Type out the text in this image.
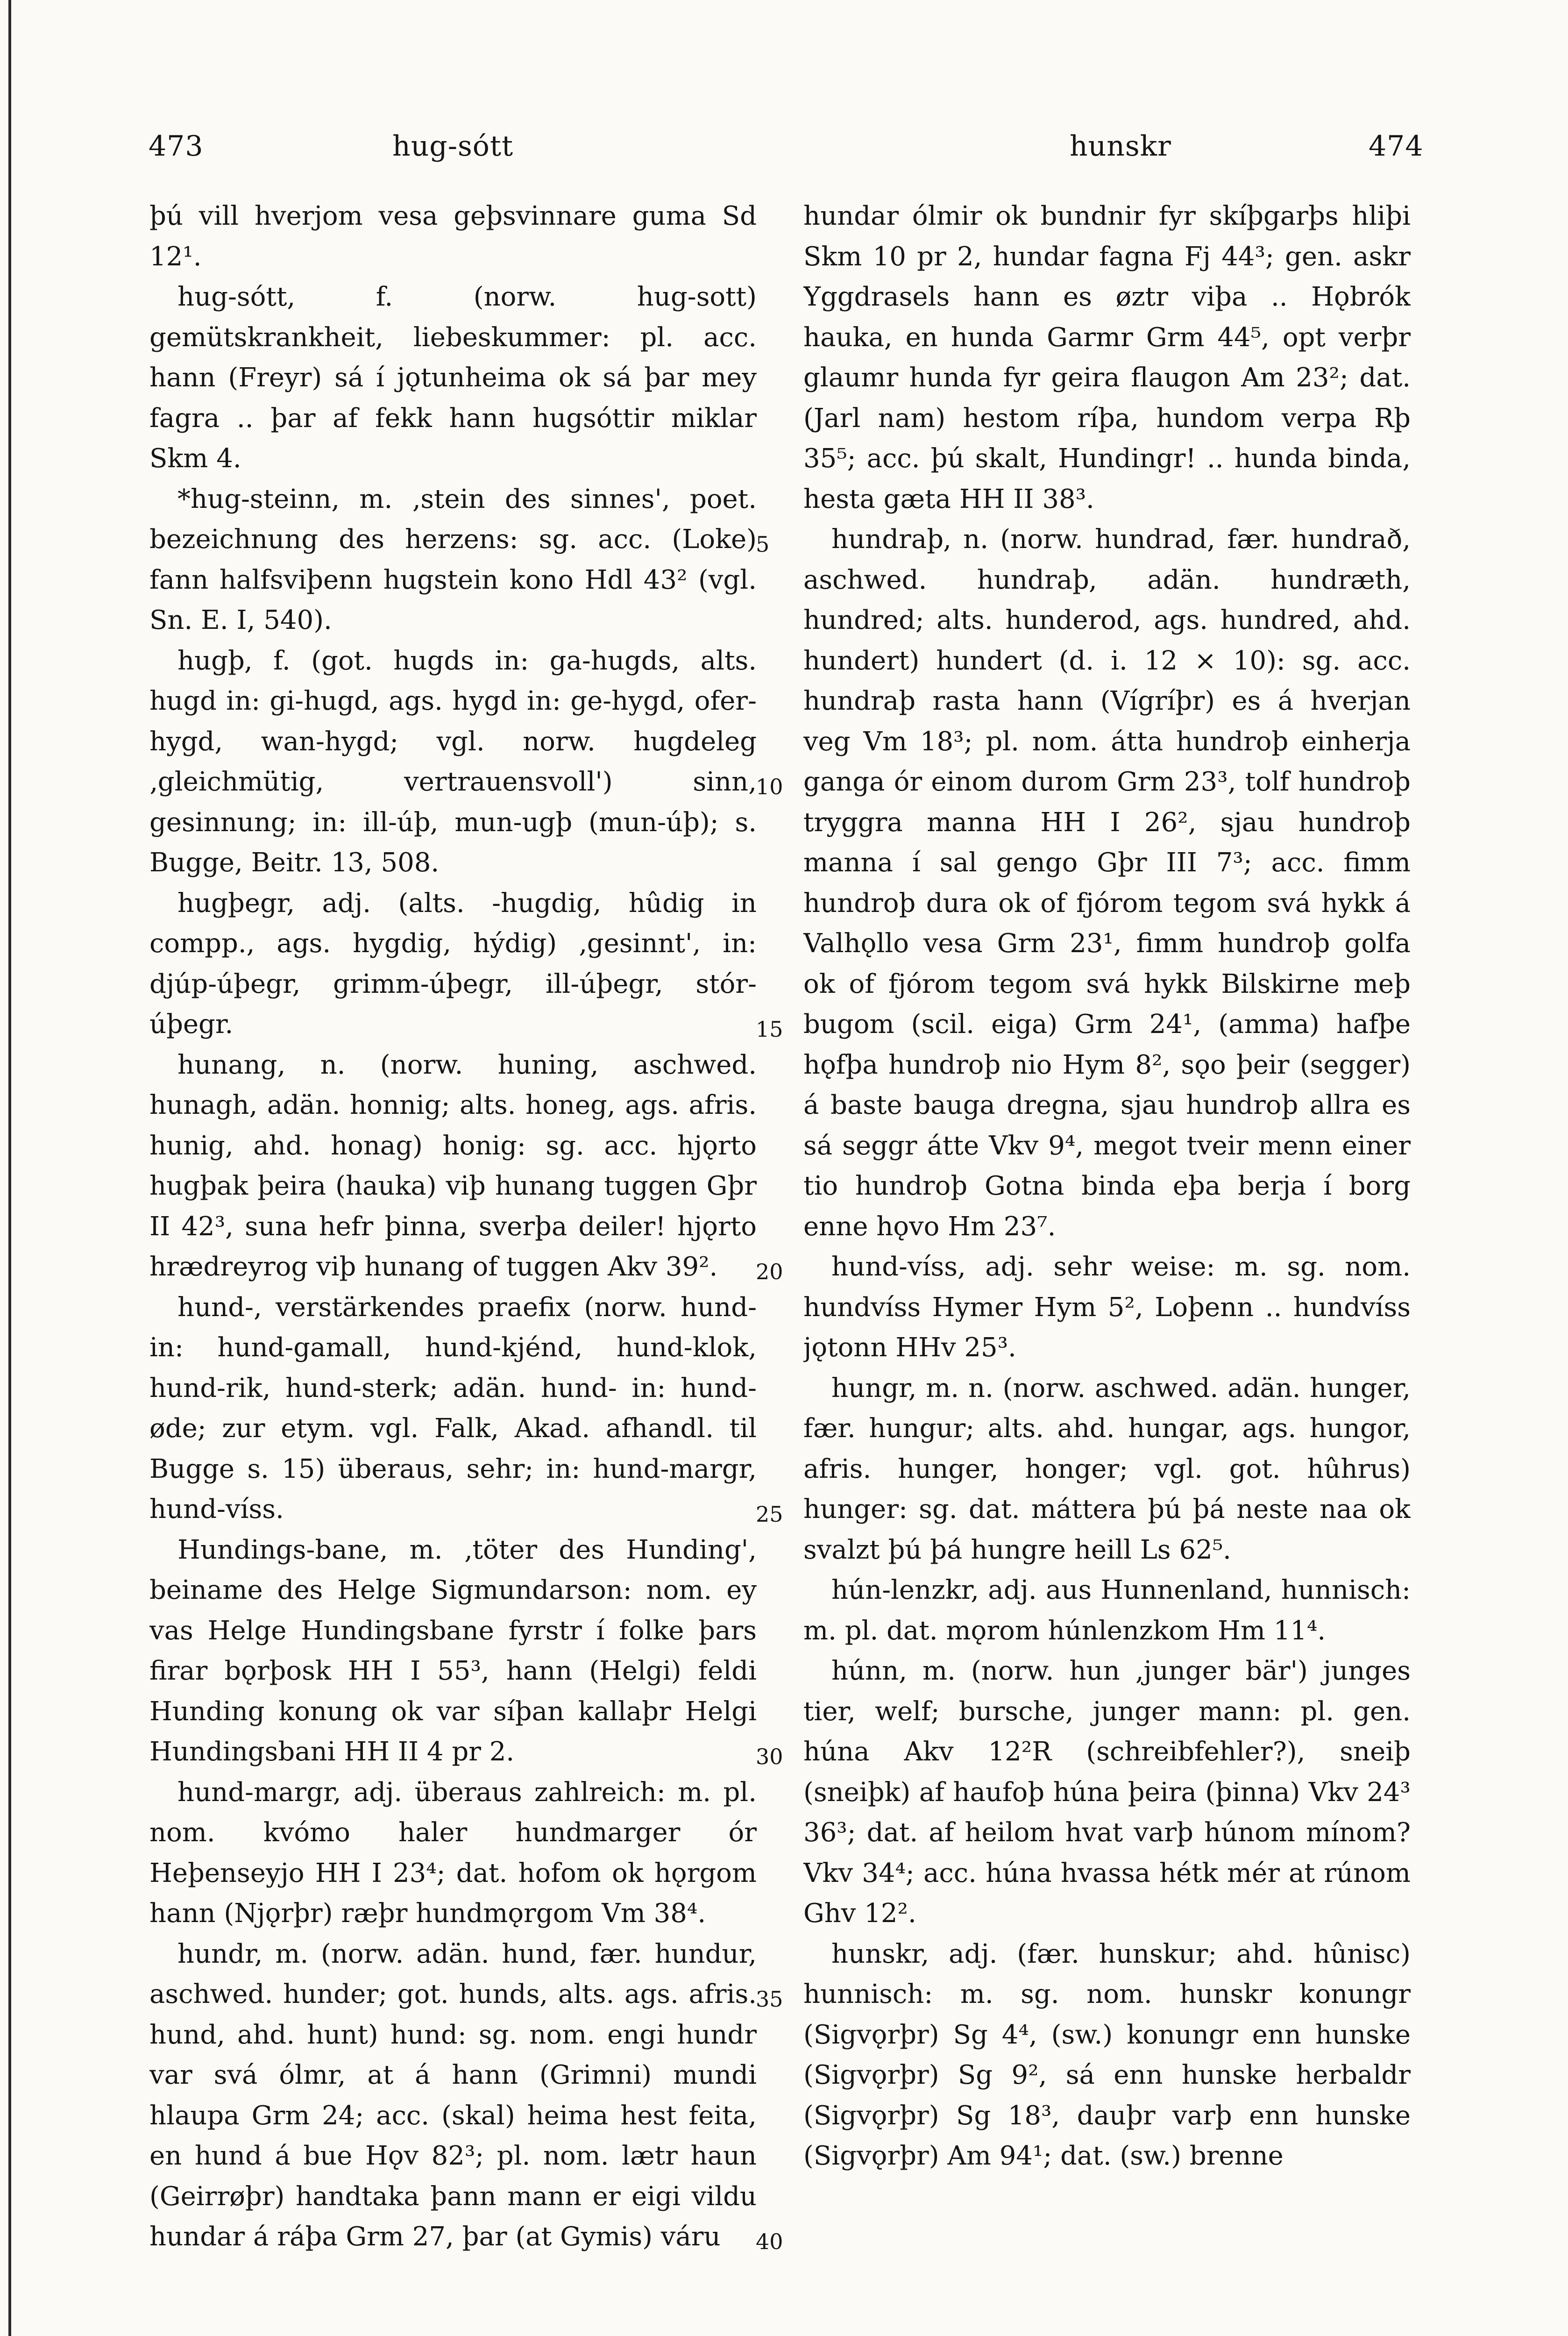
473	hug-sótt	hunskr	474

þú vill hverjom vesa geþsvinnare guma Sd 12¹.

hug-sótt, f. (norw. hug-sott) gemütskrankheit, liebeskummer: pl. acc. hann (Freyr) sá í jǫtunheima ok sá þar mey fagra .. þar af fekk hann hugsóttir miklar Skm 4.

*hug-steinn, m. ‚stein des sinnes', poet. bezeichnung des herzens: sg. acc. (Loke) fann halfsviþenn hugstein kono Hdl 43² (vgl. Sn. E. I, 540).

hugþ, f. (got. hugds in: ga-hugds, alts. hugd in: gi-hugd, ags. hygd in: ge-hygd, ofer-hygd, wan-hygd; vgl. norw. hugdeleg ‚gleichmütig, vertrauensvoll') sinn, gesinnung; in: ill-úþ, mun-ugþ (mun-úþ); s. Bugge, Beitr. 13, 508.

hugþegr, adj. (alts. -hugdig, hûdig in compp., ags. hygdig, hýdig) ‚gesinnt', in: djúp-úþegr, grimm-úþegr, ill-úþegr, stór-úþegr.

hunang, n. (norw. huning, aschwed. hunagh, adän. honnig; alts. honeg, ags. afris. hunig, ahd. honag) honig: sg. acc. hjǫrto hugþak þeira (hauka) viþ hunang tuggen Gþr II 42³, suna hefr þinna, sverþa deiler! hjǫrto hrædreyrog viþ hunang of tuggen Akv 39².

hund-, verstärkendes praefix (norw. hund- in: hund-gamall, hund-kjénd, hund-klok, hund-rik, hund-sterk; adän. hund- in: hund-øde; zur etym. vgl. Falk, Akad. afhandl. til Bugge s. 15) überaus, sehr; in: hund-margr, hund-víss.

Hundings-bane, m. ‚töter des Hunding', beiname des Helge Sigmundarson: nom. ey vas Helge Hundingsbane fyrstr í folke þars firar bǫrþosk HH I 55³, hann (Helgi) feldi Hunding konung ok var síþan kallaþr Helgi Hundingsbani HH II 4 pr 2.

hund-margr, adj. überaus zahlreich: m. pl. nom. kvómo haler hundmarger ór Heþenseyjo HH I 23⁴; dat. hofom ok hǫrgom hann (Njǫrþr) ræþr hundmǫrgom Vm 38⁴.

hundr, m. (norw. adän. hund, fær. hundur, aschwed. hunder; got. hunds, alts. ags. afris. hund, ahd. hunt) hund: sg. nom. engi hundr var svá ólmr, at á hann (Grimni) mundi hlaupa Grm 24; acc. (skal) heima hest feita, en hund á bue Hǫv 82³; pl. nom. lætr haun (Geirrøþr) handtaka þann mann er eigi vildu hundar á ráþa Grm 27, þar (at Gymis) váru

5
10
15
20
25
30
35
40

hundar ólmir ok bundnir fyr skíþgarþs hliþi Skm 10 pr 2, hundar fagna Fj 44³; gen. askr Yggdrasels hann es øztr viþa .. Hǫbrók hauka, en hunda Garmr Grm 44⁵, opt verþr glaumr hunda fyr geira flaugon Am 23²; dat. (Jarl nam) hestom ríþa, hundom verpa Rþ 35⁵; acc. þú skalt, Hundingr! .. hunda binda, hesta gæta HH II 38³.

hundraþ, n. (norw. hundrad, fær. hundrað, aschwed. hundraþ, adän. hundræth, hundred; alts. hunderod, ags. hundred, ahd. hundert) hundert (d. i. 12 × 10): sg. acc. hundraþ rasta hann (Vígríþr) es á hverjan veg Vm 18³; pl. nom. átta hundroþ einherja ganga ór einom durom Grm 23³, tolf hundroþ tryggra manna HH I 26², sjau hundroþ manna í sal gengo Gþr III 7³; acc. fimm hundroþ dura ok of fjórom tegom svá hykk á Valhǫllo vesa Grm 23¹, fimm hundroþ golfa ok of fjórom tegom svá hykk Bilskirne meþ bugom (scil. eiga) Grm 24¹, (amma) hafþe hǫfþa hundroþ nio Hym 8², sǫo þeir (segger) á baste bauga dregna, sjau hundroþ allra es sá seggr átte Vkv 9⁴, megot tveir menn einer tio hundroþ Gotna binda eþa berja í borg enne hǫvo Hm 23⁷.

hund-víss, adj. sehr weise: m. sg. nom. hundvíss Hymer Hym 5², Loþenn .. hundvíss jǫtonn HHv 25³.

hungr, m. n. (norw. aschwed. adän. hunger, fær. hungur; alts. ahd. hungar, ags. hungor, afris. hunger, honger; vgl. got. hûhrus) hunger: sg. dat. máttera þú þá neste naa ok svalzt þú þá hungre heill Ls 62⁵.

hún-lenzkr, adj. aus Hunnenland, hunnisch: m. pl. dat. mǫrom húnlenzkom Hm 11⁴.

húnn, m. (norw. hun ‚junger bär') junges tier, welf; bursche, junger mann: pl. gen. húna Akv 12²R (schreibfehler?), sneiþ (sneiþk) af haufoþ húna þeira (þinna) Vkv 24³ 36³; dat. af heilom hvat varþ húnom mínom? Vkv 34⁴; acc. húna hvassa hétk mér at rúnom Ghv 12².

hunskr, adj. (fær. hunskur; ahd. hûnisc) hunnisch: m. sg. nom. hunskr konungr (Sigvǫrþr) Sg 4⁴, (sw.) konungr enn hunske (Sigvǫrþr) Sg 9², sá enn hunske herbaldr (Sigvǫrþr) Sg 18³, dauþr varþ enn hunske (Sigvǫrþr) Am 94¹; dat. (sw.) brenne
